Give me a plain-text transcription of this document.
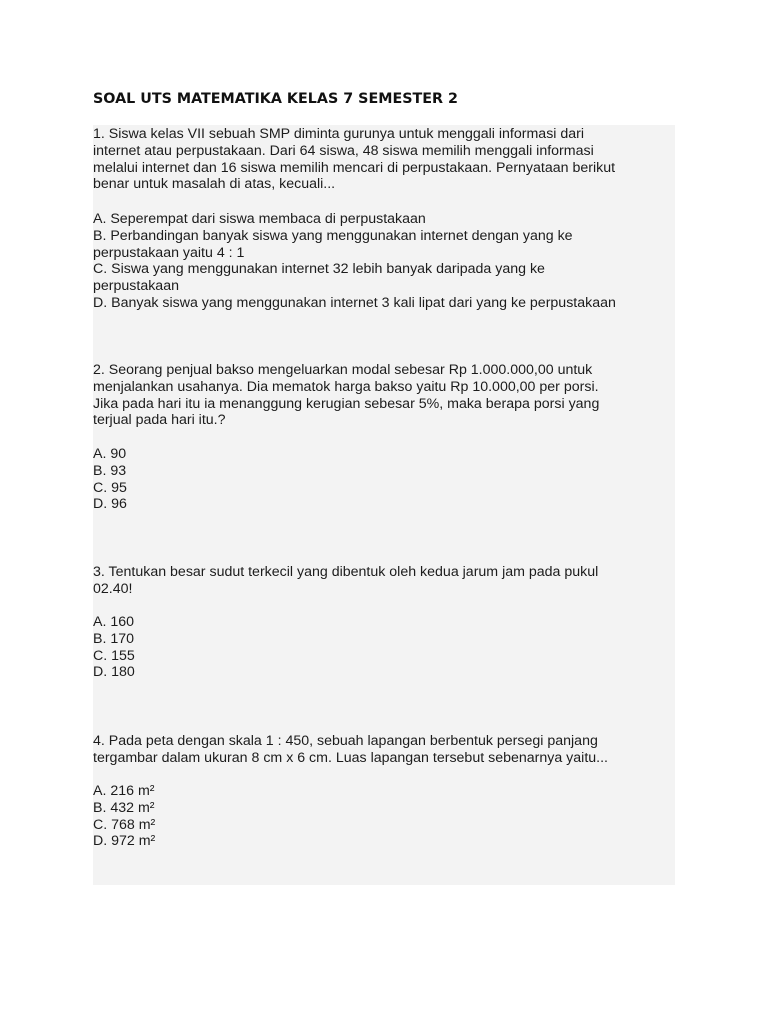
SOAL UTS MATEMATIKA KELAS 7 SEMESTER 2
1. Siswa kelas VII sebuah SMP diminta gurunya untuk menggali informasi dari
internet atau perpustakaan. Dari 64 siswa, 48 siswa memilih menggali informasi
melalui internet dan 16 siswa memilih mencari di perpustakaan. Pernyataan berikut
benar untuk masalah di atas, kecuali...
A. Seperempat dari siswa membaca di perpustakaan
B. Perbandingan banyak siswa yang menggunakan internet dengan yang ke
perpustakaan yaitu 4 : 1
C. Siswa yang menggunakan internet 32 lebih banyak daripada yang ke
perpustakaan
D. Banyak siswa yang menggunakan internet 3 kali lipat dari yang ke perpustakaan
2. Seorang penjual bakso mengeluarkan modal sebesar Rp 1.000.000,00 untuk
menjalankan usahanya. Dia mematok harga bakso yaitu Rp 10.000,00 per porsi.
Jika pada hari itu ia menanggung kerugian sebesar 5%, maka berapa porsi yang
terjual pada hari itu.?
A. 90
B. 93
C. 95
D. 96
3. Tentukan besar sudut terkecil yang dibentuk oleh kedua jarum jam pada pukul
02.40!
A. 160
B. 170
C. 155
D. 180
4. Pada peta dengan skala 1 : 450, sebuah lapangan berbentuk persegi panjang
tergambar dalam ukuran 8 cm x 6 cm. Luas lapangan tersebut sebenarnya yaitu...
A. 216 m²
B. 432 m²
C. 768 m²
D. 972 m²
